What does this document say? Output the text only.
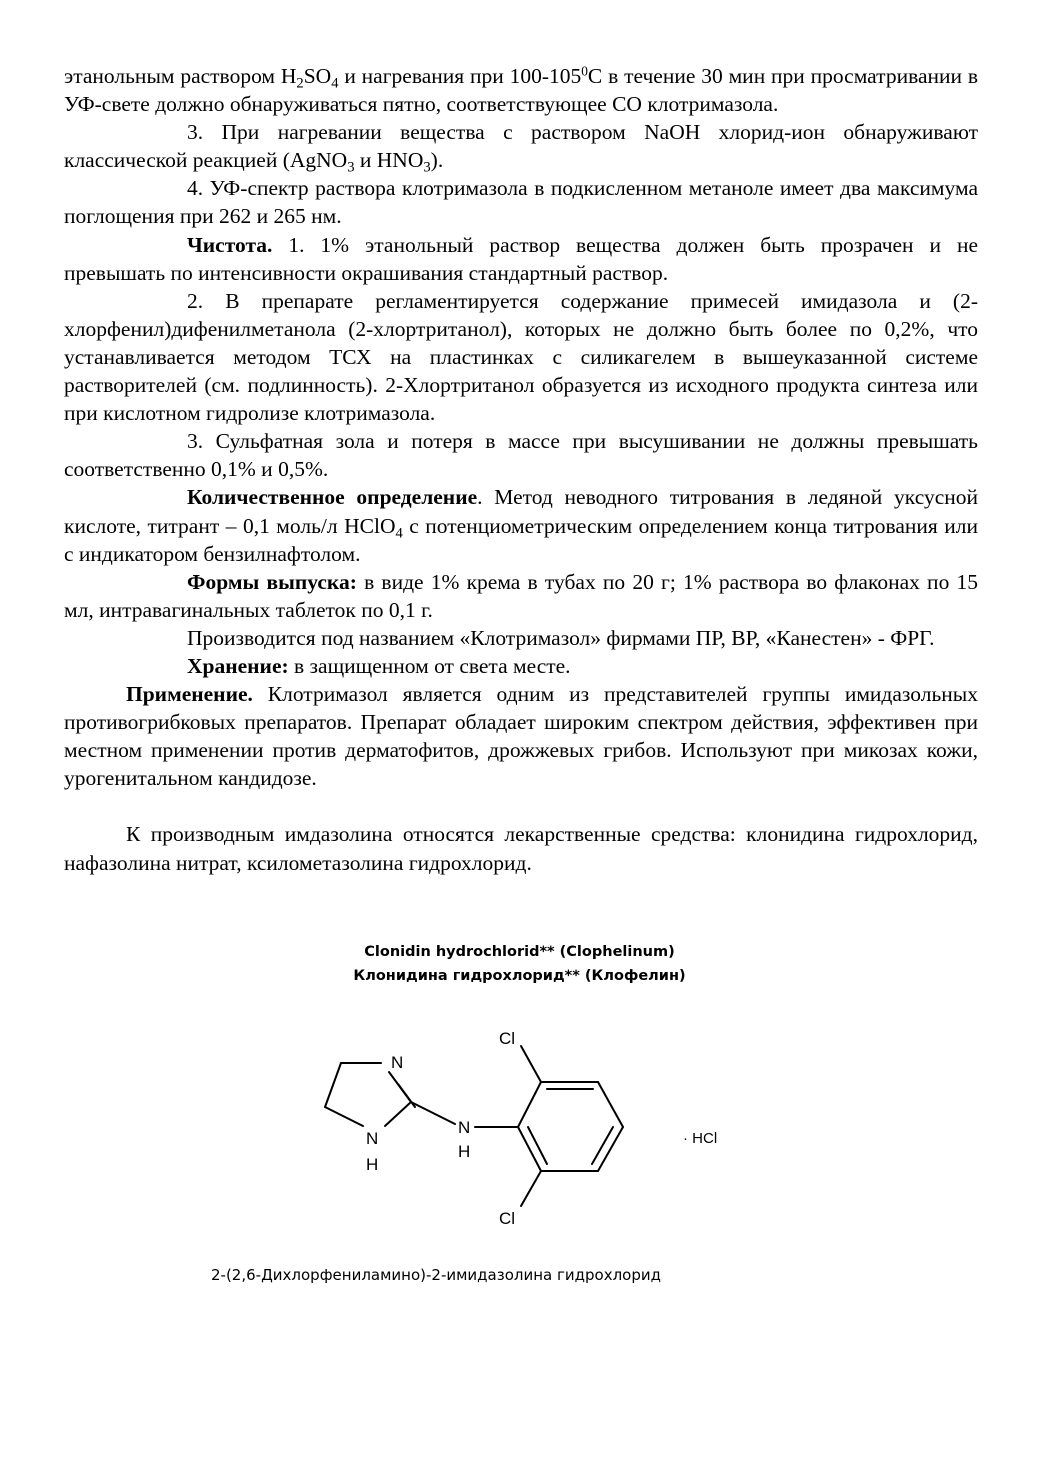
этанольным раствором $H_2SO_4$ и нагревания при $100-105^0C$ в течение 30 мин при просматривании в УФ-свете должно обнаруживаться пятно, соответствующее СО клотримазола.

3. При нагревании вещества с раствором NaOH хлорид-ион обнаруживают классической реакцией (AgNO$_3$ и $HNO_3$).

4. УФ-спектр раствора клотримазола в подкисленном метаноле имеет два максимума поглощения при 262 и 265 нм.

Чистота. 1. 1% этанольный раствор вещества должен быть прозрачен и не превышать по интенсивности окрашивания стандартный раствор.

2. В препарате регламентируется содержание примесей имидазола и (2-хлорфенил)дифенилметанола (2-хлортританол), которых не должно быть более по 0,2%, что устанавливается методом ТСХ на пластинках с силикагелем в вышеуказанной системе растворителей (см. подлинность). 2-Хлортританол образуется из исходного продукта синтеза или при кислотном гидролизе клотримазола.

3. Сульфатная зола и потеря в массе при высушивании не должны превышать соответственно 0,1% и 0,5%.

Количественное определение. Метод неводного титрования в ледяной уксусной кислоте, титрант – 0,1 моль/л HClO$_4$ с потенциометрическим определением конца титрования или с индикатором бензилнафтолом.

Формы выпуска: в виде 1% крема в тубах по 20 г; 1% раствора во флаконах по 15 мл, интравагинальных таблеток по 0,1 г.

Производится под названием «Клотримазол» фирмами ПР, ВР, «Канестен» - ФРГ.

Хранение: в защищенном от света месте.

Применение. Клотримазол является одним из представителей группы имидазольных противогрибковых препаратов. Препарат обладает широким спектром действия, эффективен при местном применении против дерматофитов, дрожжевых грибов. Используют при микозах кожи, урогенитальном кандидозе.

К производным имдазолина относятся лекарственные средства: клонидина гидрохлорид, нафазолина нитрат, ксилометазолина гидрохлорид.

Clonidin hydrochlorid** (Clophelinum)
Клонидина гидрохлорид** (Клофелин)
N
N
H
N
H
Cl
Cl
· HCl
2-(2,6-Дихлорфениламино)-2-имидазолина гидрохлорид
